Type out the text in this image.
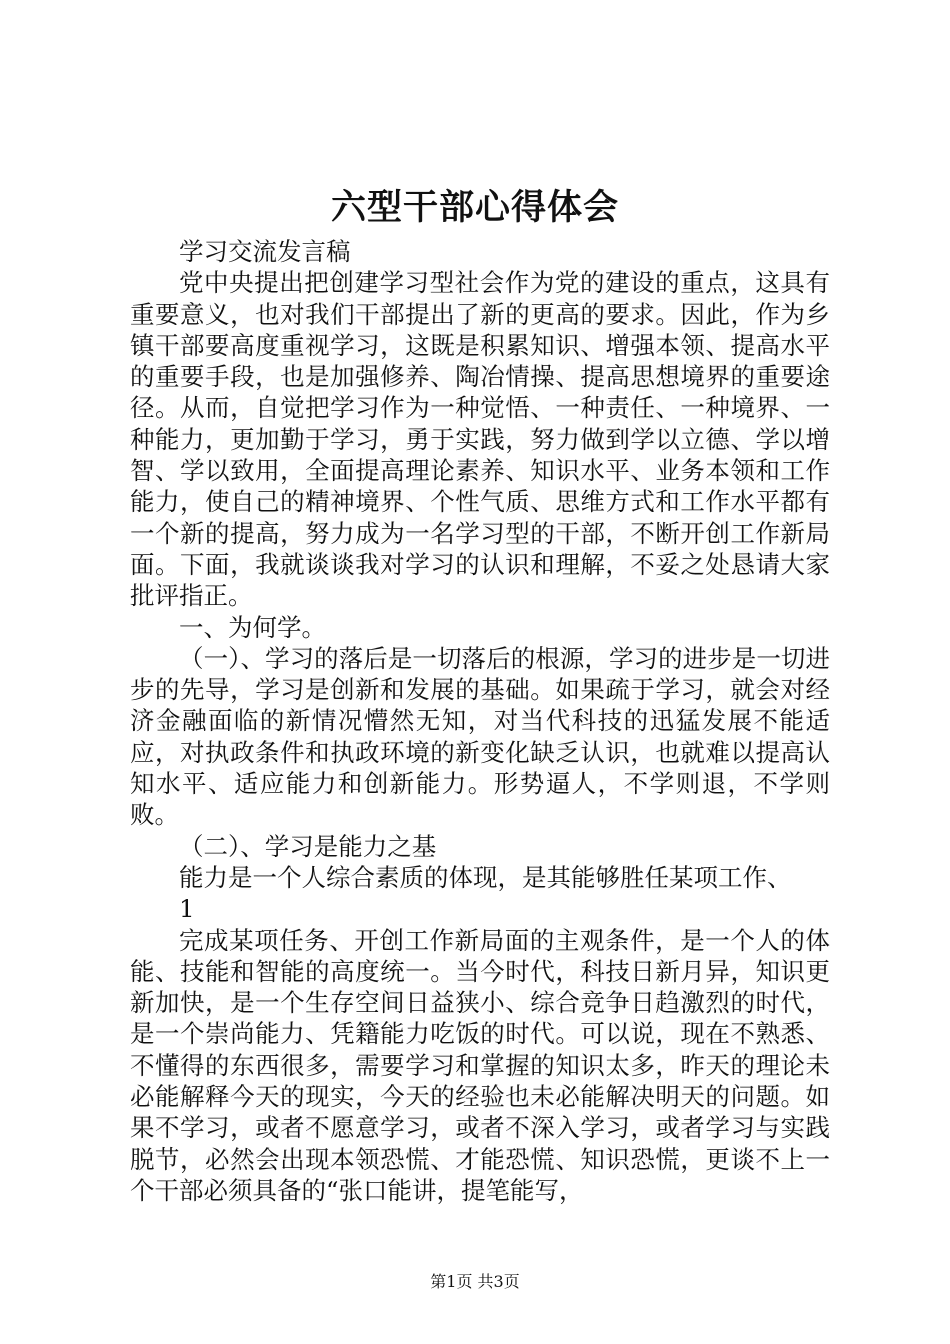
六型干部心得体会

学习交流发言稿

党中央提出把创建学习型社会作为党的建设的重点，这具有重要意义，也对我们干部提出了新的更高的要求。因此，作为乡镇干部要高度重视学习，这既是积累知识、增强本领、提高水平的重要手段，也是加强修养、陶冶情操、提高思想境界的重要途径。从而，自觉把学习作为一种觉悟、一种责任、一种境界、一种能力，更加勤于学习，勇于实践，努力做到学以立德、学以增智、学以致用，全面提高理论素养、知识水平、业务本领和工作能力，使自己的精神境界、个性气质、思维方式和工作水平都有一个新的提高，努力成为一名学习型的干部，不断开创工作新局面。下面，我就谈谈我对学习的认识和理解，不妥之处恳请大家批评指正。

一、为何学。

（一）、学习的落后是一切落后的根源，学习的进步是一切进步的先导，学习是创新和发展的基础。如果疏于学习，就会对经济金融面临的新情况懵然无知，对当代科技的迅猛发展不能适应，对执政条件和执政环境的新变化缺乏认识，也就难以提高认知水平、适应能力和创新能力。形势逼人，不学则退，不学则败。

（二）、学习是能力之基

能力是一个人综合素质的体现，是其能够胜任某项工作、

1

完成某项任务、开创工作新局面的主观条件，是一个人的体能、技能和智能的高度统一。当今时代，科技日新月异，知识更新加快，是一个生存空间日益狭小、综合竞争日趋激烈的时代，是一个崇尚能力、凭籍能力吃饭的时代。可以说，现在不熟悉、不懂得的东西很多，需要学习和掌握的知识太多，昨天的理论未必能解释今天的现实，今天的经验也未必能解决明天的问题。如果不学习，或者不愿意学习，或者不深入学习，或者学习与实践脱节，必然会出现本领恐慌、才能恐慌、知识恐慌，更谈不上一个干部必须具备的“张口能讲，提笔能写，

第1页 共3页
